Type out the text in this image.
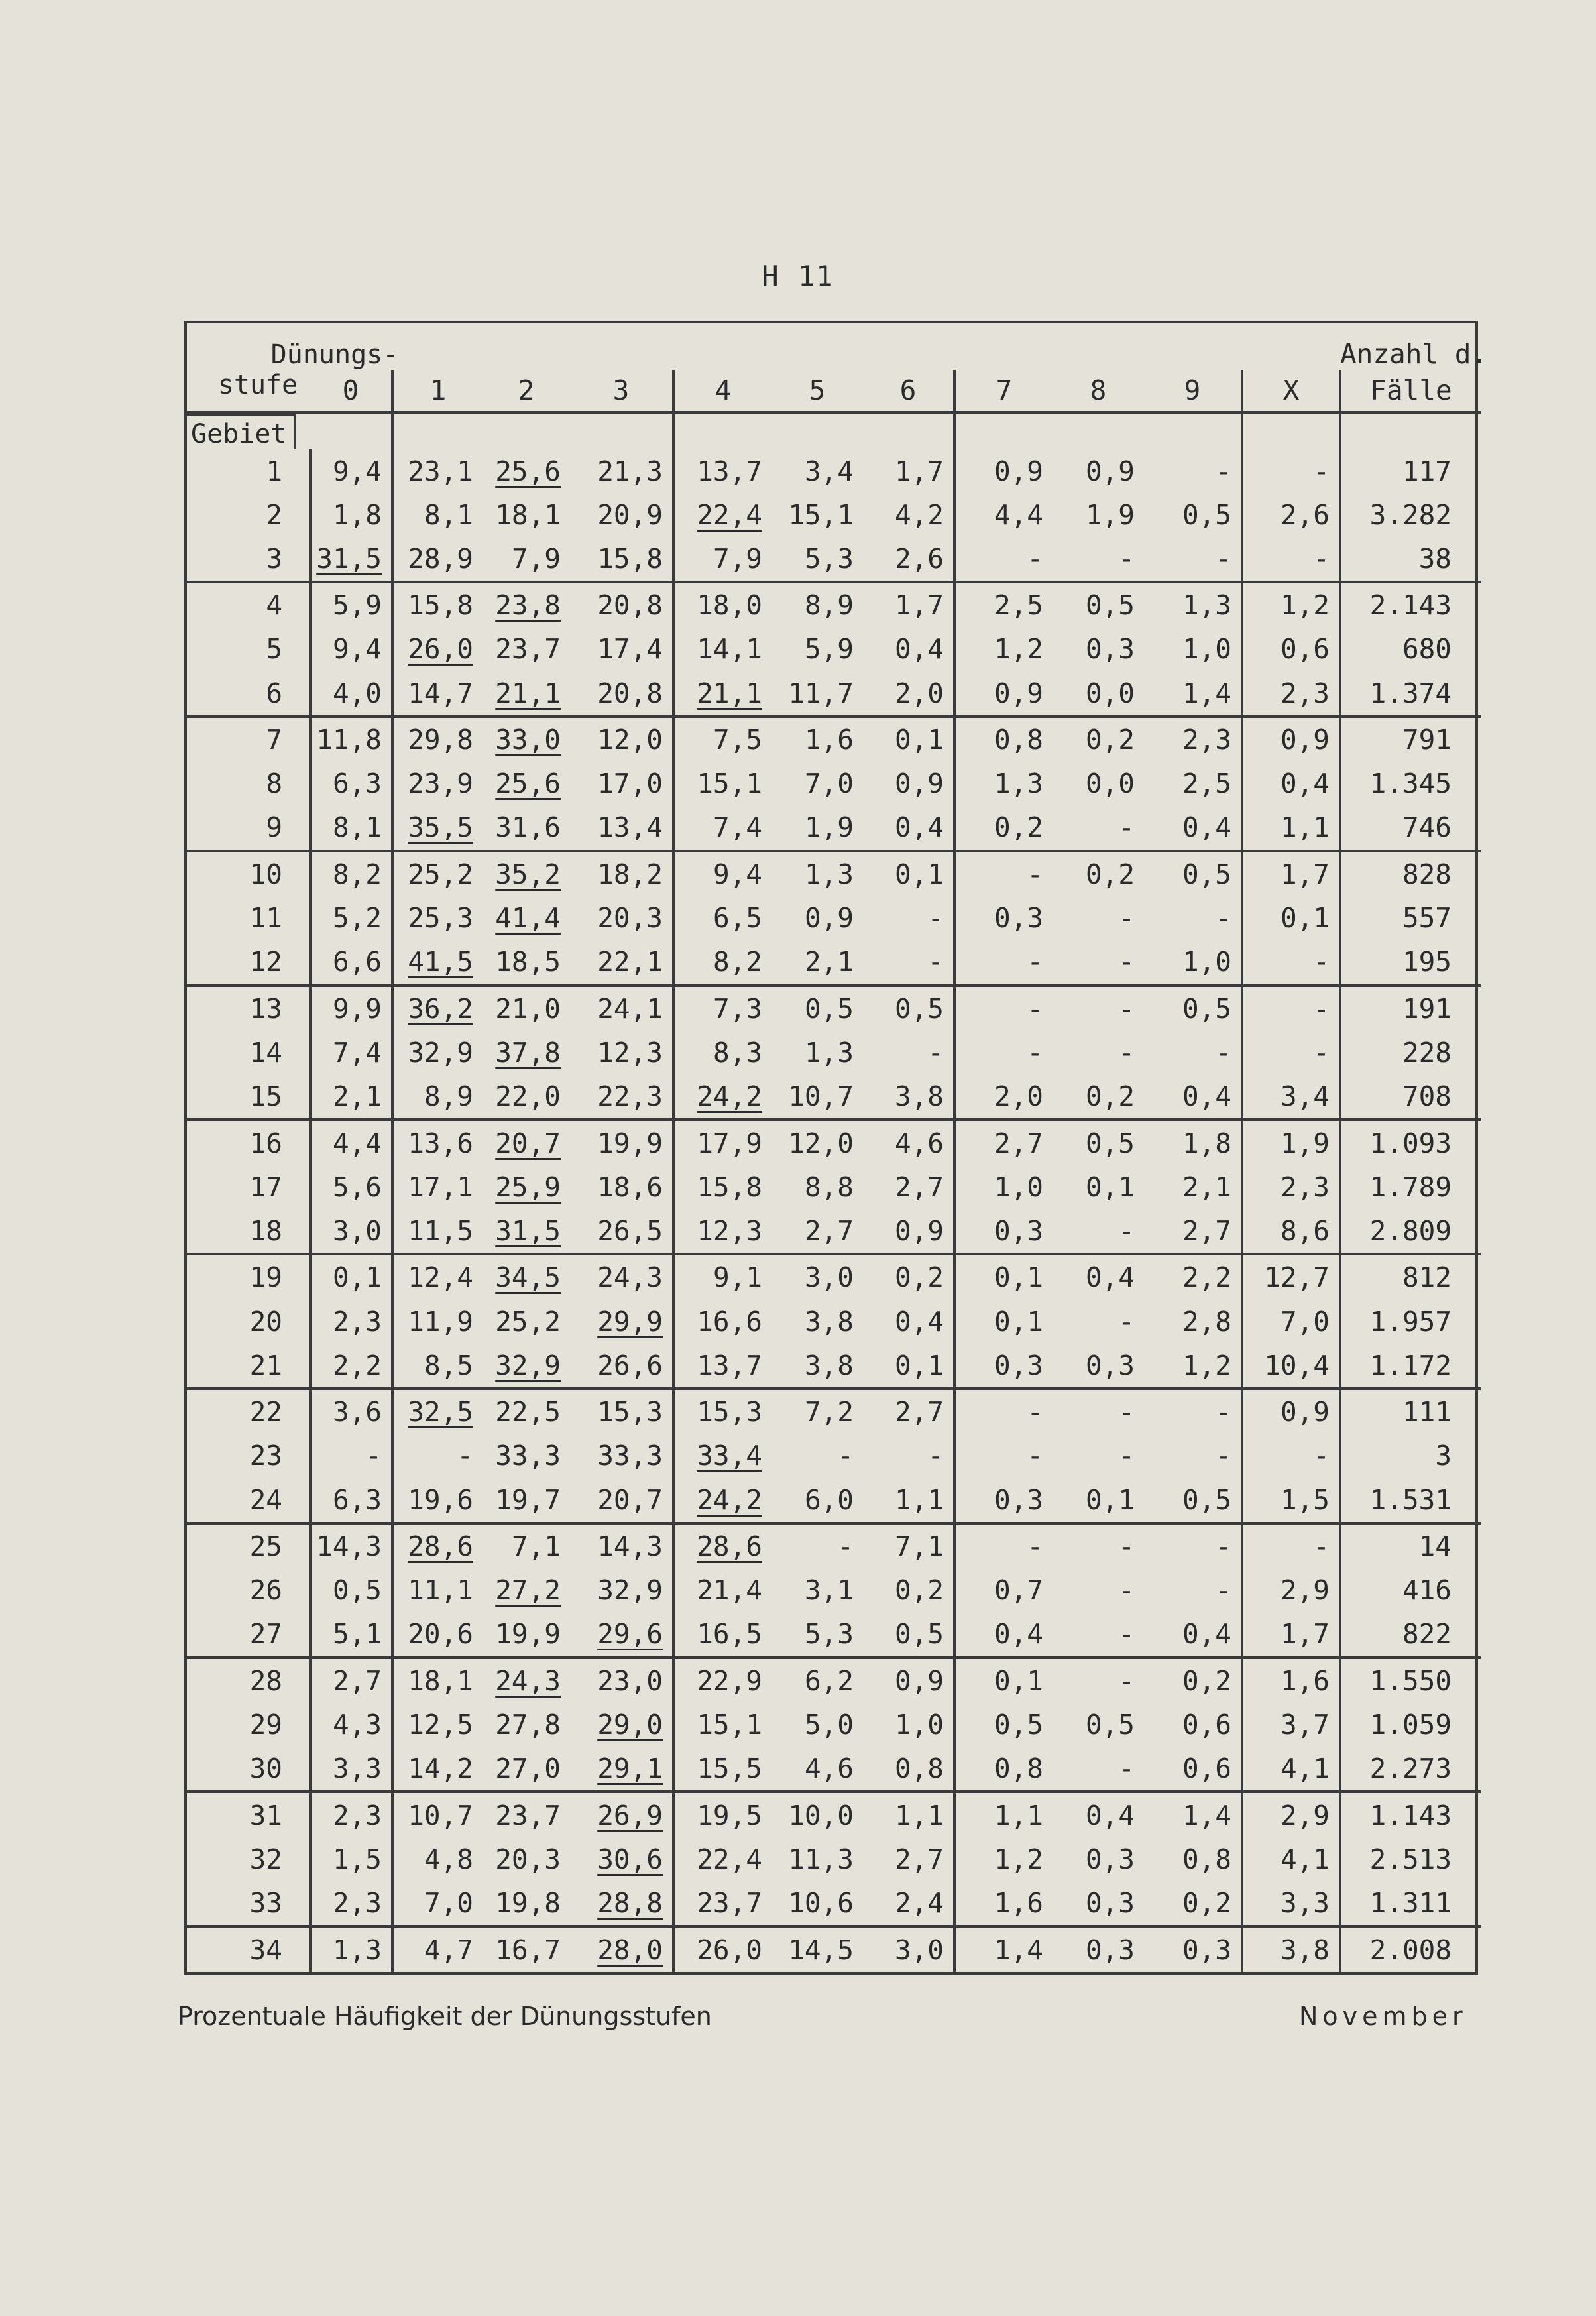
H 11
Dünungs-												Anzahl d.
stufe	0	1	2	3	4	5	6	7	8	9	X	Fälle
Gebiet												
1	9,4	23,1	25,6	21,3	13,7	3,4	1,7	0,9	0,9	-	-	117
2	1,8	8,1	18,1	20,9	22,4	15,1	4,2	4,4	1,9	0,5	2,6	3.282
3	31,5	28,9	7,9	15,8	7,9	5,3	2,6	-	-	-	-	38
4	5,9	15,8	23,8	20,8	18,0	8,9	1,7	2,5	0,5	1,3	1,2	2.143
5	9,4	26,0	23,7	17,4	14,1	5,9	0,4	1,2	0,3	1,0	0,6	680
6	4,0	14,7	21,1	20,8	21,1	11,7	2,0	0,9	0,0	1,4	2,3	1.374
7	11,8	29,8	33,0	12,0	7,5	1,6	0,1	0,8	0,2	2,3	0,9	791
8	6,3	23,9	25,6	17,0	15,1	7,0	0,9	1,3	0,0	2,5	0,4	1.345
9	8,1	35,5	31,6	13,4	7,4	1,9	0,4	0,2	-	0,4	1,1	746
10	8,2	25,2	35,2	18,2	9,4	1,3	0,1	-	0,2	0,5	1,7	828
11	5,2	25,3	41,4	20,3	6,5	0,9	-	0,3	-	-	0,1	557
12	6,6	41,5	18,5	22,1	8,2	2,1	-	-	-	1,0	-	195
13	9,9	36,2	21,0	24,1	7,3	0,5	0,5	-	-	0,5	-	191
14	7,4	32,9	37,8	12,3	8,3	1,3	-	-	-	-	-	228
15	2,1	8,9	22,0	22,3	24,2	10,7	3,8	2,0	0,2	0,4	3,4	708
16	4,4	13,6	20,7	19,9	17,9	12,0	4,6	2,7	0,5	1,8	1,9	1.093
17	5,6	17,1	25,9	18,6	15,8	8,8	2,7	1,0	0,1	2,1	2,3	1.789
18	3,0	11,5	31,5	26,5	12,3	2,7	0,9	0,3	-	2,7	8,6	2.809
19	0,1	12,4	34,5	24,3	9,1	3,0	0,2	0,1	0,4	2,2	12,7	812
20	2,3	11,9	25,2	29,9	16,6	3,8	0,4	0,1	-	2,8	7,0	1.957
21	2,2	8,5	32,9	26,6	13,7	3,8	0,1	0,3	0,3	1,2	10,4	1.172
22	3,6	32,5	22,5	15,3	15,3	7,2	2,7	-	-	-	0,9	111
23	-	-	33,3	33,3	33,4	-	-	-	-	-	-	3
24	6,3	19,6	19,7	20,7	24,2	6,0	1,1	0,3	0,1	0,5	1,5	1.531
25	14,3	28,6	7,1	14,3	28,6	-	7,1	-	-	-	-	14
26	0,5	11,1	27,2	32,9	21,4	3,1	0,2	0,7	-	-	2,9	416
27	5,1	20,6	19,9	29,6	16,5	5,3	0,5	0,4	-	0,4	1,7	822
28	2,7	18,1	24,3	23,0	22,9	6,2	0,9	0,1	-	0,2	1,6	1.550
29	4,3	12,5	27,8	29,0	15,1	5,0	1,0	0,5	0,5	0,6	3,7	1.059
30	3,3	14,2	27,0	29,1	15,5	4,6	0,8	0,8	-	0,6	4,1	2.273
31	2,3	10,7	23,7	26,9	19,5	10,0	1,1	1,1	0,4	1,4	2,9	1.143
32	1,5	4,8	20,3	30,6	22,4	11,3	2,7	1,2	0,3	0,8	4,1	2.513
33	2,3	7,0	19,8	28,8	23,7	10,6	2,4	1,6	0,3	0,2	3,3	1.311
34	1,3	4,7	16,7	28,0	26,0	14,5	3,0	1,4	0,3	0,3	3,8	2.008
Prozentuale Häufigkeit der Dünungsstufen	November
